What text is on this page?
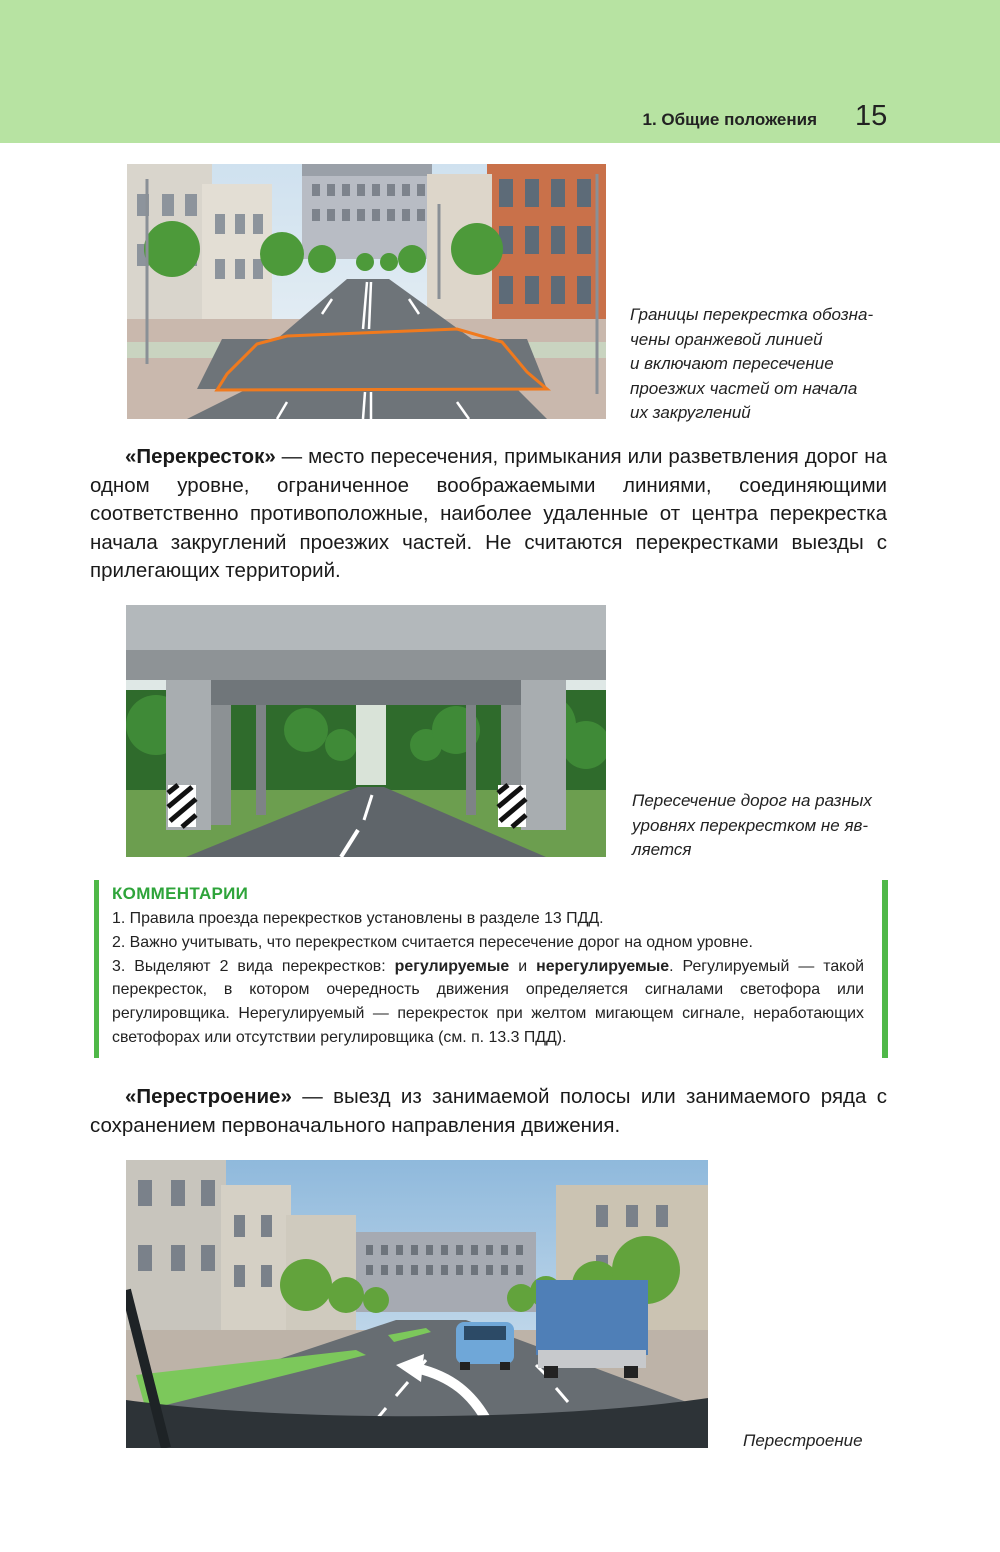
1. Общие положения 15
Границы перекрестка обозна-
чены оранжевой линией
и включают пересечение
проезжих частей от начала
их закруглений
«Перекресток» — место пересечения, примыкания или разветвления дорог на одном уровне, ограниченное воображаемыми линиями, соединяющими соответственно противоположные, наиболее удаленные от центра перекрестка начала закруглений проезжих частей. Не считаются перекрестками выезды с прилегающих территорий.
Пересечение дорог на разных
уровнях перекрестком не яв-
ляется
КОММЕНТАРИИ
1. Правила проезда перекрестков установлены в разделе 13 ПДД.
2. Важно учитывать, что перекрестком считается пересечение дорог на одном уровне.
3. Выделяют 2 вида перекрестков: регулируемые и нерегулируемые. Регулируемый — такой перекресток, в котором очередность движения определяется сигналами светофора или регулировщика. Нерегулируемый — перекресток при желтом мигающем сигнале, неработающих светофорах или отсутствии регулировщика (см. п. 13.3 ПДД).
«Перестроение» — выезд из занимаемой полосы или занимаемого ряда с сохранением первоначального направления движения.
Перестроение
